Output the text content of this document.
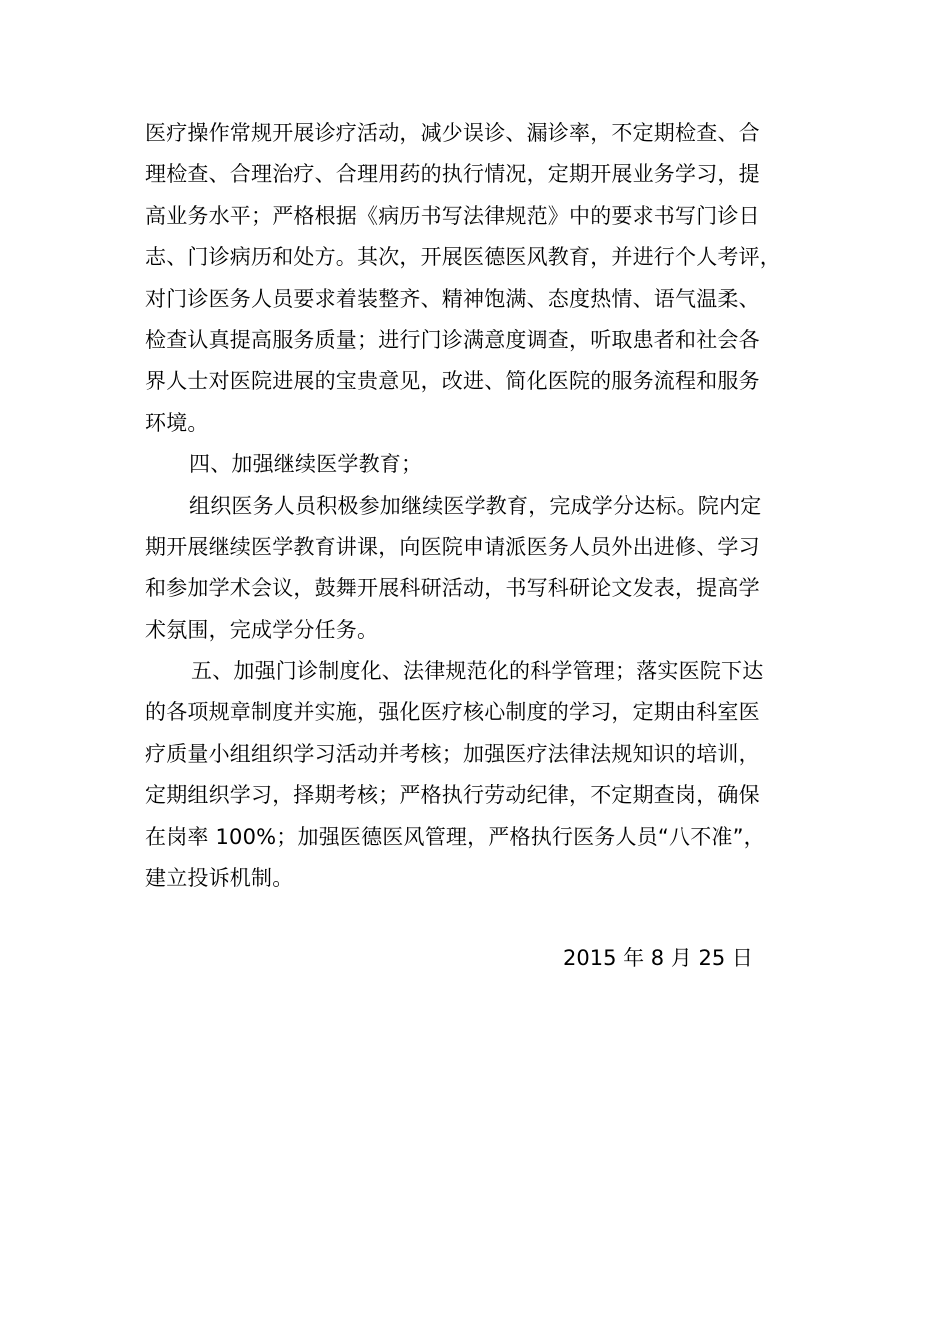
医疗操作常规开展诊疗活动，减少误诊、漏诊率，不定期检查、合
理检查、合理治疗、合理用药的执行情况，定期开展业务学习，提
高业务水平；严格根据《病历书写法律规范》中的要求书写门诊日
志、门诊病历和处方。其次，开展医德医风教育，并进行个人考评，
对门诊医务人员要求着装整齐、精神饱满、态度热情、语气温柔、
检查认真提高服务质量；进行门诊满意度调查，听取患者和社会各
界人士对医院进展的宝贵意见，改进、简化医院的服务流程和服务
环境。
四、加强继续医学教育；
组织医务人员积极参加继续医学教育，完成学分达标。院内定
期开展继续医学教育讲课，向医院申请派医务人员外出进修、学习
和参加学术会议，鼓舞开展科研活动，书写科研论文发表，提高学
术氛围，完成学分任务。
五、加强门诊制度化、法律规范化的科学管理；落实医院下达
的各项规章制度并实施，强化医疗核心制度的学习，定期由科室医
疗质量小组组织学习活动并考核；加强医疗法律法规知识的培训，
定期组织学习，择期考核；严格执行劳动纪律，不定期查岗，确保
在岗率 100%；加强医德医风管理，严格执行医务人员“八不准”，
建立投诉机制。
2015 年 8 月 25 日
